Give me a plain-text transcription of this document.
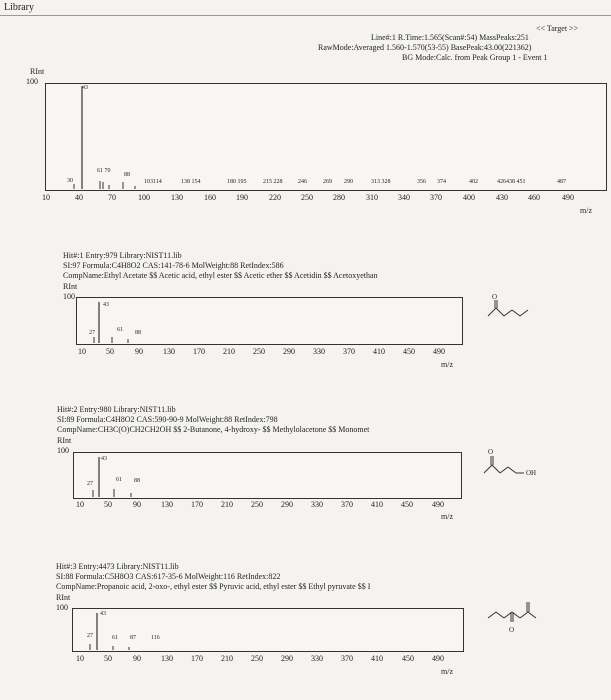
Library
<< Target >>
Line#:1 R.Time:1.565(Scan#:54) MassPeaks:251
RawMode:Averaged 1.560-1.570(53-55) BasePeak:43.00(221362)
BG Mode:Calc. from Peak Group 1 - Event 1
RInt
100
43
30
61 70
88
103114	138 154	180 195	215 228	246	269 290	313 328	356 374	402	426438 451	487
10	40	70	100	130	160	190	220	250	280	310	340	370	400	430	460	490
m/z
Hit#:1 Entry:979 Library:NIST11.lib
SI:97 Formula:C4H8O2 CAS:141-78-6 MolWeight:88 RetIndex:586
CompName:Ethyl Acetate $$ Acetic acid, ethyl ester $$ Acetic ether $$ Acetidin $$ Acetoxyethan
RInt
100
43
27	61 88
10	50	90	130 170 210 250 290 330 370 410 450 490
m/z
O
Hit#:2 Entry:980 Library:NIST11.lib
SI:89 Formula:C4H8O2 CAS:590-90-9 MolWeight:88 RetIndex:798
CompName:CH3C(O)CH2CH2OH $$ 2-Butanone, 4-hydroxy- $$ Methylolacetone $$ Monomet
RInt
100
43
27
61 88
10	50	90	130 170 210 250 290 330 370 410 450 490
m/z
O
OH
Hit#:3 Entry:4473 Library:NIST11.lib
SI:88 Formula:C5H8O3 CAS:617-35-6 MolWeight:116 RetIndex:822
CompName:Propanoic acid, 2-oxo-, ethyl ester $$ Pyruvic acid, ethyl ester $$ Ethyl pyruvate $$ I
RInt
100
43
27	61 87	116
10	50	90	130 170 210 250 290 330 370 410 450 490
m/z
O
